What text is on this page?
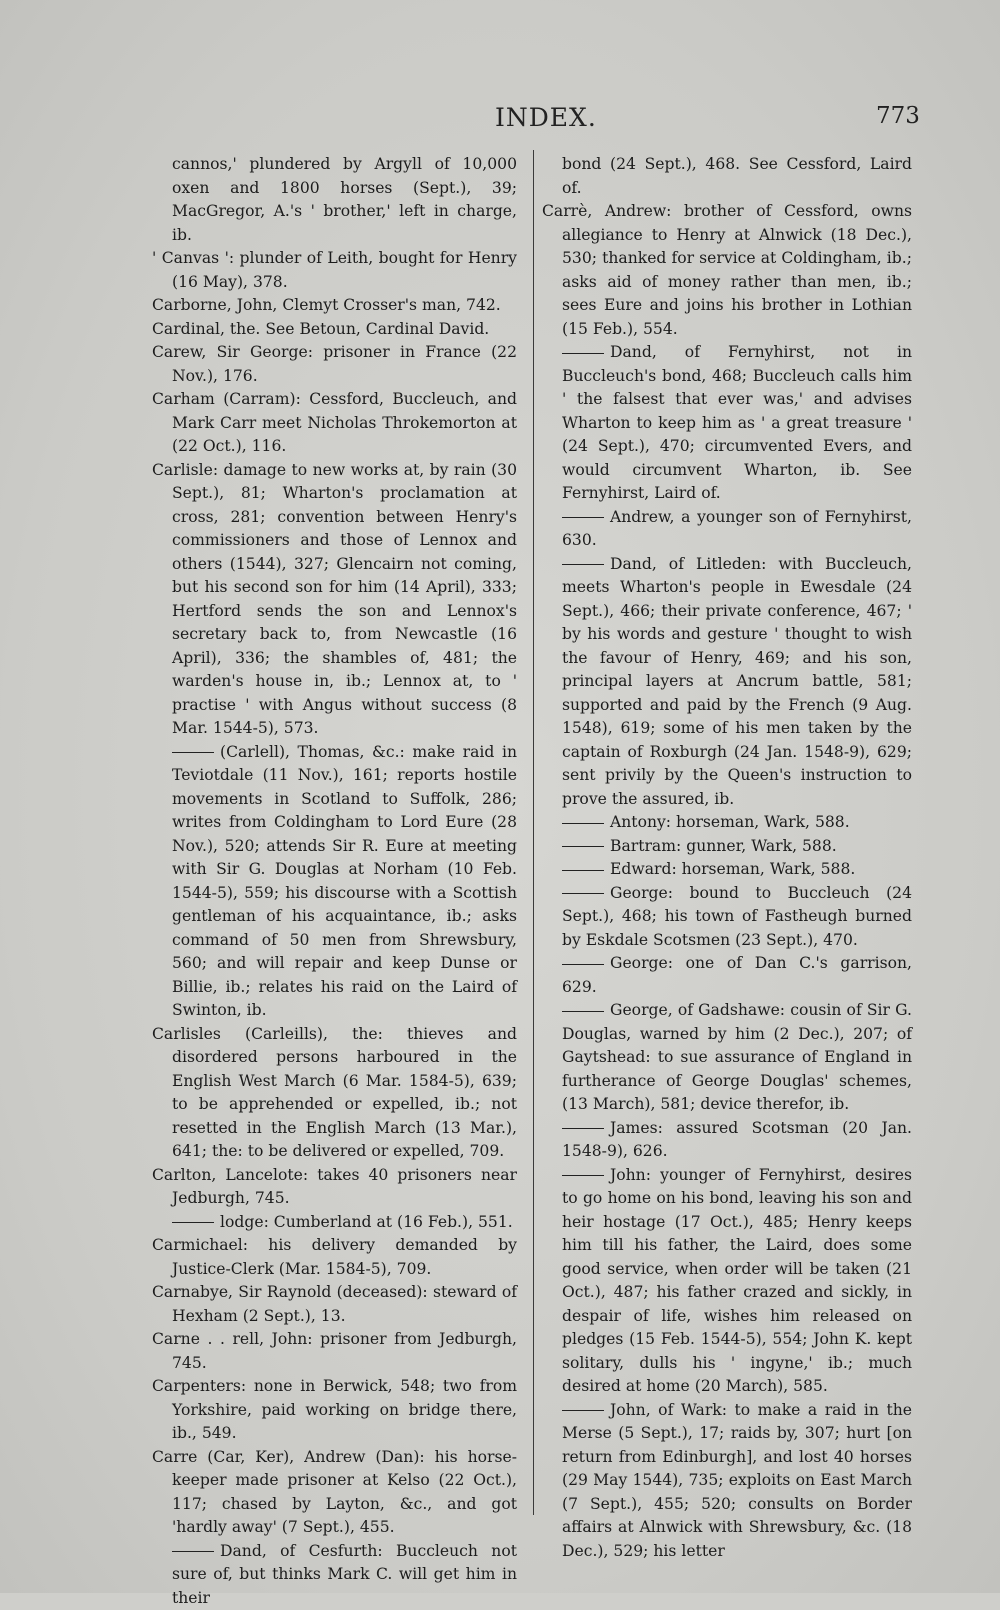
INDEX.	773

cannos,' plundered by Argyll of 10,000 oxen and 1800 horses (Sept.), 39; MacGregor, A.'s ' brother,' left in charge, ib.

' Canvas ': plunder of Leith, bought for Henry (16 May), 378.

Carborne, John, Clemyt Crosser's man, 742.

Cardinal, the. See Betoun, Cardinal David.

Carew, Sir George: prisoner in France (22 Nov.), 176.

Carham (Carram): Cessford, Buccleuch, and Mark Carr meet Nicholas Throkemorton at (22 Oct.), 116.

Carlisle: damage to new works at, by rain (30 Sept.), 81; Wharton's proclamation at cross, 281; convention between Henry's commissioners and those of Lennox and others (1544), 327; Glencairn not coming, but his second son for him (14 April), 333; Hertford sends the son and Lennox's secretary back to, from Newcastle (16 April), 336; the shambles of, 481; the warden's house in, ib.; Lennox at, to ' practise ' with Angus without success (8 Mar. 1544-5), 573.

(Carlell), Thomas, &c.: make raid in Teviotdale (11 Nov.), 161; reports hostile movements in Scotland to Suffolk, 286; writes from Coldingham to Lord Eure (28 Nov.), 520; attends Sir R. Eure at meeting with Sir G. Douglas at Norham (10 Feb. 1544-5), 559; his discourse with a Scottish gentleman of his acquaintance, ib.; asks command of 50 men from Shrewsbury, 560; and will repair and keep Dunse or Billie, ib.; relates his raid on the Laird of Swinton, ib.

Carlisles (Carleills), the: thieves and disordered persons harboured in the English West March (6 Mar. 1584-5), 639; to be apprehended or expelled, ib.; not resetted in the English March (13 Mar.), 641; the: to be delivered or expelled, 709.

Carlton, Lancelote: takes 40 prisoners near Jedburgh, 745.

lodge: Cumberland at (16 Feb.), 551.

Carmichael: his delivery demanded by Justice-Clerk (Mar. 1584-5), 709.

Carnabye, Sir Raynold (deceased): steward of Hexham (2 Sept.), 13.

Carne . . rell, John: prisoner from Jedburgh, 745.

Carpenters: none in Berwick, 548; two from Yorkshire, paid working on bridge there, ib., 549.

Carre (Car, Ker), Andrew (Dan): his horse-keeper made prisoner at Kelso (22 Oct.), 117; chased by Layton, &c., and got 'hardly away' (7 Sept.), 455.

Dand, of Cesfurth: Buccleuch not sure of, but thinks Mark C. will get him in their

bond (24 Sept.), 468. See Cessford, Laird of.

Carrè, Andrew: brother of Cessford, owns allegiance to Henry at Alnwick (18 Dec.), 530; thanked for service at Coldingham, ib.; asks aid of money rather than men, ib.; sees Eure and joins his brother in Lothian (15 Feb.), 554.

Dand, of Fernyhirst, not in Buccleuch's bond, 468; Buccleuch calls him ' the falsest that ever was,' and advises Wharton to keep him as ' a great treasure ' (24 Sept.), 470; circumvented Evers, and would circumvent Wharton, ib. See Fernyhirst, Laird of.

Andrew, a younger son of Fernyhirst, 630.

Dand, of Litleden: with Buccleuch, meets Wharton's people in Ewesdale (24 Sept.), 466; their private conference, 467; ' by his words and gesture ' thought to wish the favour of Henry, 469; and his son, principal layers at Ancrum battle, 581; supported and paid by the French (9 Aug. 1548), 619; some of his men taken by the captain of Roxburgh (24 Jan. 1548-9), 629; sent privily by the Queen's instruction to prove the assured, ib.

Antony: horseman, Wark, 588.

Bartram: gunner, Wark, 588.

Edward: horseman, Wark, 588.

George: bound to Buccleuch (24 Sept.), 468; his town of Fastheugh burned by Eskdale Scotsmen (23 Sept.), 470.

George: one of Dan C.'s garrison, 629.

George, of Gadshawe: cousin of Sir G. Douglas, warned by him (2 Dec.), 207; of Gaytshead: to sue assurance of England in furtherance of George Douglas' schemes, (13 March), 581; device therefor, ib.

James: assured Scotsman (20 Jan. 1548-9), 626.

John: younger of Fernyhirst, desires to go home on his bond, leaving his son and heir hostage (17 Oct.), 485; Henry keeps him till his father, the Laird, does some good service, when order will be taken (21 Oct.), 487; his father crazed and sickly, in despair of life, wishes him released on pledges (15 Feb. 1544-5), 554; John K. kept solitary, dulls his ' ingyne,' ib.; much desired at home (20 March), 585.

John, of Wark: to make a raid in the Merse (5 Sept.), 17; raids by, 307; hurt [on return from Edinburgh], and lost 40 horses (29 May 1544), 735; exploits on East March (7 Sept.), 455; 520; consults on Border affairs at Alnwick with Shrewsbury, &c. (18 Dec.), 529; his letter
